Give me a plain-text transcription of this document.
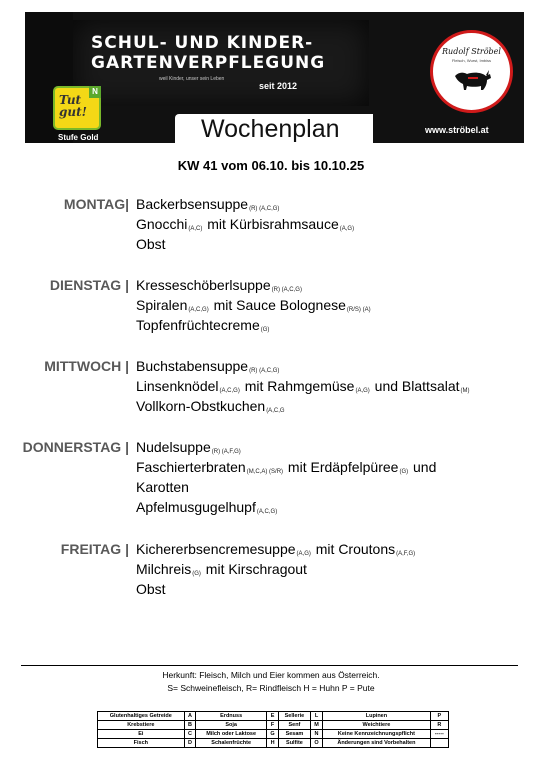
SCHUL- UND KINDER-
GARTENVERPFLEGUNG
weil Kinder, unser sein Leben
seit 2012
Tut gut!
N
Stufe Gold	Wochenplan
Rudolf Ströbel
Fleisch, Wurst, Imbiss
www.ströbel.at
KW 41 vom 06.10. bis 10.10.25
MONTAG| Backerbsensuppe(R) (A,C,G)
Gnocchi(A,C) mit Kürbisrahmsauce(A,G)
Obst
DIENSTAG | Kresseschöberlsuppe(R) (A,C,G)
Spiralen(A,C,G) mit Sauce Bolognese(R/S) (A)
Topfenfrüchtecreme(G)
MITTWOCH | Buchstabensuppe(R) (A,C,G)
Linsenknödel(A,C,G) mit Rahmgemüse(A,G) und Blattsalat(M)
Vollkorn-Obstkuchen(A,C,G
DONNERSTAG | Nudelsuppe(R) (A,F,G)
Faschierterbraten(M,C,A) (S/R) mit Erdäpfelpüree(G) und
Karotten
Apfelmusgugelhupf(A,C,G)
FREITAG | Kichererbsencremesuppe(A,G) mit Croutons(A,F,G)
Milchreis(G) mit Kirschragout
Obst
Herkunft: Fleisch, Milch und Eier kommen aus Österreich.
S= Schweinefleisch, R= Rindfleisch H = Huhn P = Pute
Glutenhaltiges Getreide	A	Erdnuss	E	Sellerie	L	Lupinen	P
Krebstiere	B	Soja	F	Senf	M	Weichtiere	R
Ei	C	Milch oder Laktose	G	Sesam	N	Keine Kennzeichnungspflicht	-----
Fisch	D	Schalenfrüchte	H	Sulfite	O	Änderungen sind Vorbehalten	
